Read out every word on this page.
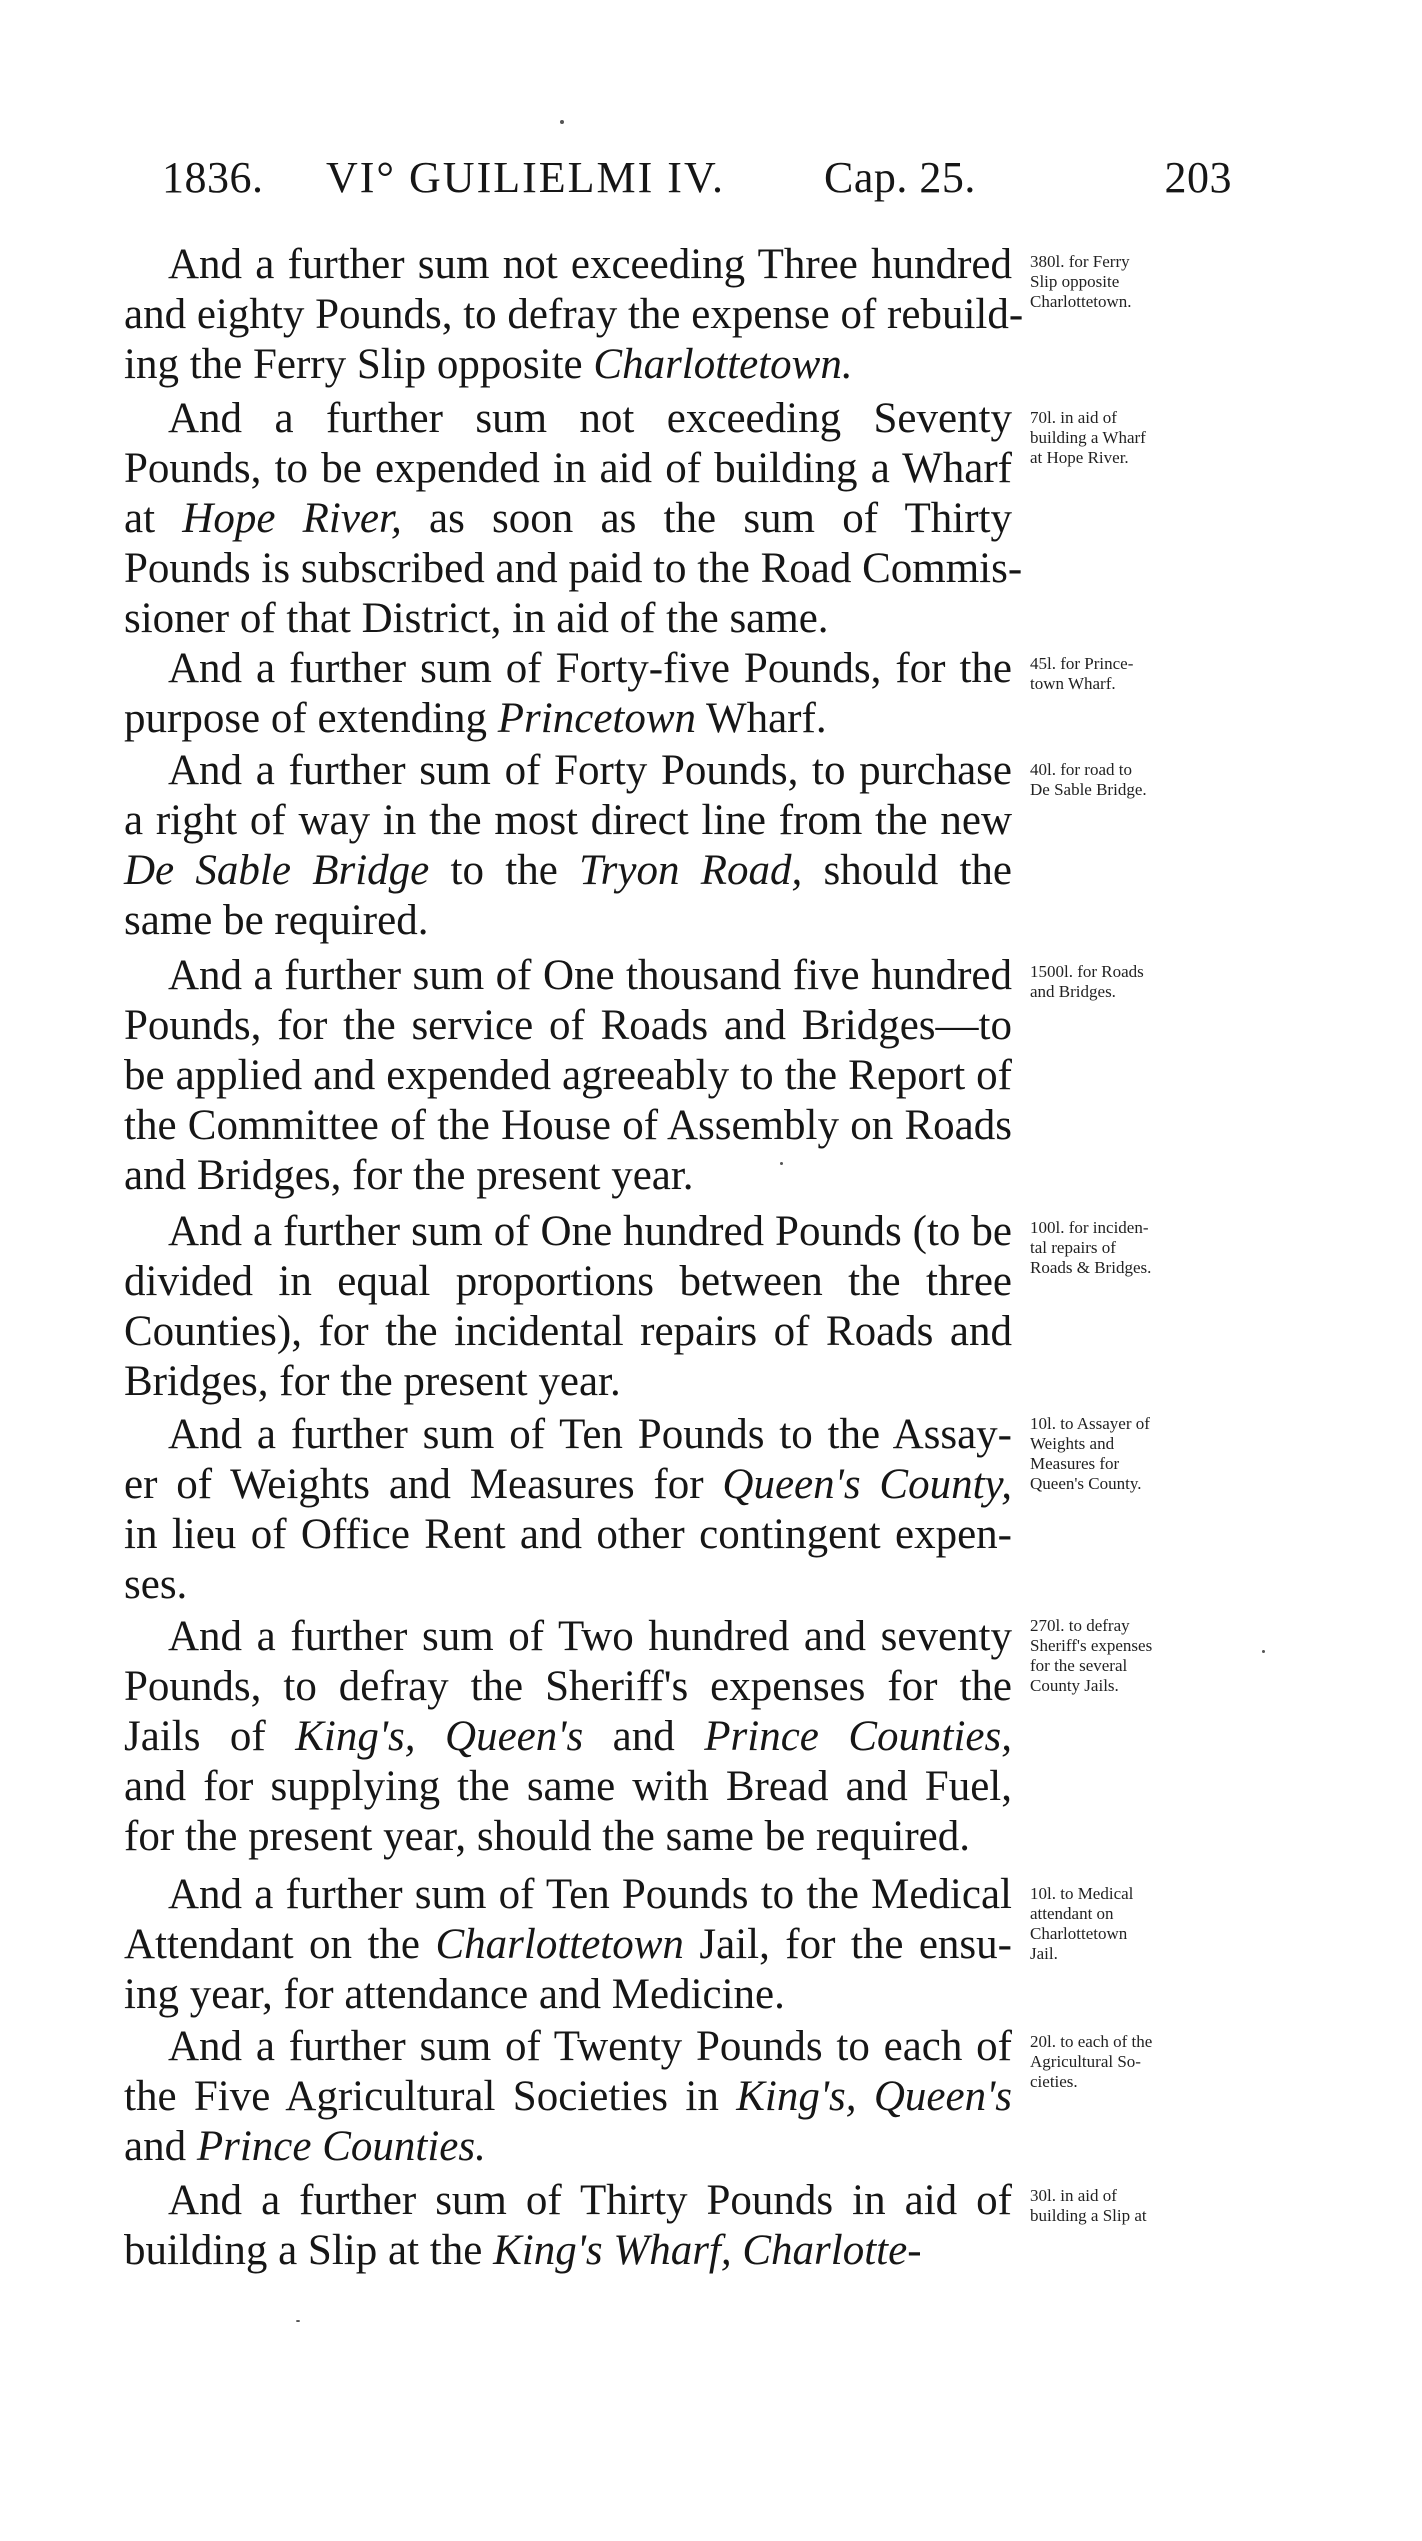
1836. VI° GUILIELMI IV. Cap. 25.	203
And a further sum not exceeding Three hundred
and eighty Pounds, to defray the expense of rebuild-
ing the Ferry Slip opposite Charlottetown.
And a further sum not exceeding Seventy
Pounds, to be expended in aid of building a Wharf
at Hope River, as soon as the sum of Thirty
Pounds is subscribed and paid to the Road Commis-
sioner of that District, in aid of the same.
And a further sum of Forty-five Pounds, for the
purpose of extending Princetown Wharf.
And a further sum of Forty Pounds, to purchase
a right of way in the most direct line from the new
De Sable Bridge to the Tryon Road, should the
same be required.
And a further sum of One thousand five hundred
Pounds, for the service of Roads and Bridges—to
be applied and expended agreeably to the Report of
the Committee of the House of Assembly on Roads
and Bridges, for the present year.
And a further sum of One hundred Pounds (to be
divided in equal proportions between the three
Counties), for the incidental repairs of Roads and
Bridges, for the present year.
And a further sum of Ten Pounds to the Assay-
er of Weights and Measures for Queen's County,
in lieu of Office Rent and other contingent expen-
ses.
And a further sum of Two hundred and seventy
Pounds, to defray the Sheriff's expenses for the
Jails of King's, Queen's and Prince Counties,
and for supplying the same with Bread and Fuel,
for the present year, should the same be required.
And a further sum of Ten Pounds to the Medical
Attendant on the Charlottetown Jail, for the ensu-
ing year, for attendance and Medicine.
And a further sum of Twenty Pounds to each of
the Five Agricultural Societies in King's, Queen's
and Prince Counties.
And a further sum of Thirty Pounds in aid of
building a Slip at the King's Wharf, Charlotte-
380l. for Ferry
Slip opposite
Charlottetown.
70l. in aid of
building a Wharf
at Hope River.
45l. for Prince-
town Wharf.
40l. for road to
De Sable Bridge.
1500l. for Roads
and Bridges.
100l. for inciden-
tal repairs of
Roads & Bridges.
10l. to Assayer of
Weights and
Measures for
Queen's County.
270l. to defray
Sheriff's expenses
for the several
County Jails.
10l. to Medical
attendant on
Charlottetown
Jail.
20l. to each of the
Agricultural So-
cieties.
30l. in aid of
building a Slip at
